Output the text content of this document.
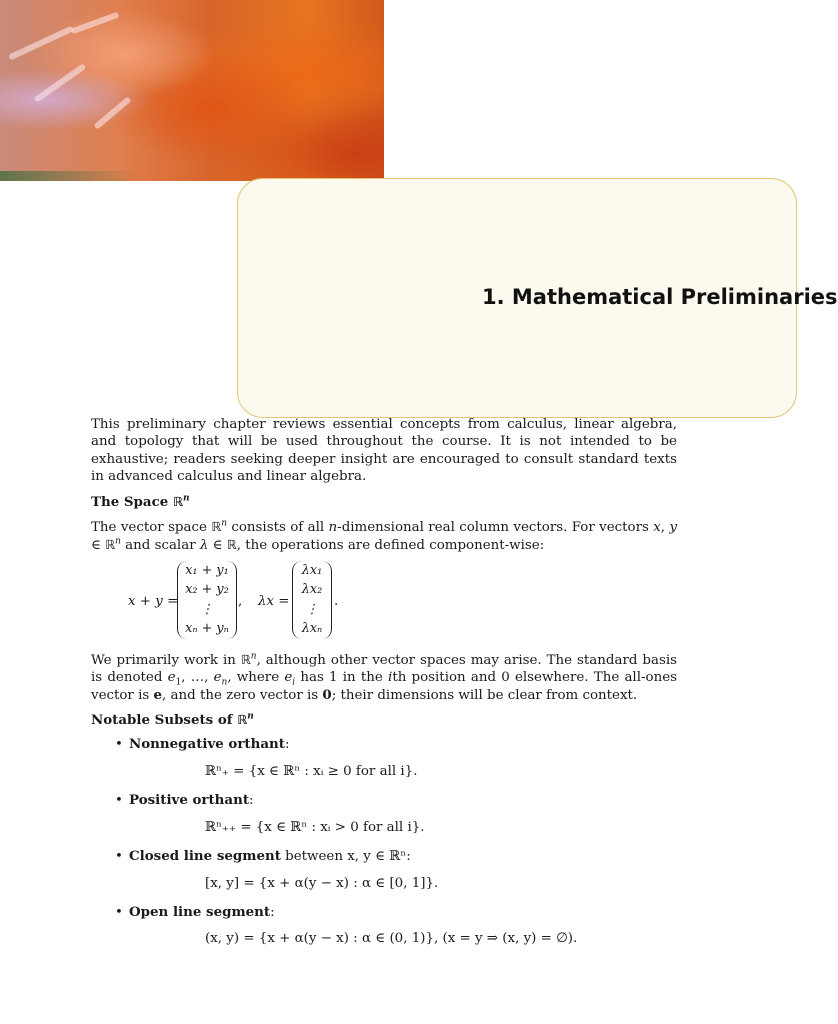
1. Mathematical Preliminaries

This preliminary chapter reviews essential concepts from calculus, linear algebra, and topology that will be used throughout the course. It is not intended to be exhaustive; readers seeking deeper insight are encouraged to consult standard texts in advanced calculus and linear algebra.

The Space ℝ$^n$

The vector space ℝ$^n$ consists of all n-dimensional real column vectors. For vectors x, y ∈ ℝ$^n$ and scalar λ ∈ ℝ, the operations are defined component-wise:

x + y =
x₁ + y₁
x₂ + y₂
⋮
xₙ + yₙ
, λx =
λx₁
λx₂
⋮
λxₙ
.

We primarily work in ℝ$^n$, although other vector spaces may arise. The standard basis is denoted $e_1$, …, $e_n$, where $e_i$ has 1 in the ith position and 0 elsewhere. The all-ones vector is e, and the zero vector is 0; their dimensions will be clear from context.

Notable Subsets of ℝ$^n$

• Nonnegative orthant:
ℝⁿ₊ = {x ∈ ℝⁿ : xᵢ ≥ 0 for all i}.
• Positive orthant:
ℝⁿ₊₊ = {x ∈ ℝⁿ : xᵢ > 0 for all i}.
• Closed line segment between x, y ∈ ℝⁿ:
[x, y] = {x + α(y − x) : α ∈ [0, 1]}.
• Open line segment:
(x, y) = {x + α(y − x) : α ∈ (0, 1)}, (x = y ⇒ (x, y) = ∅).
